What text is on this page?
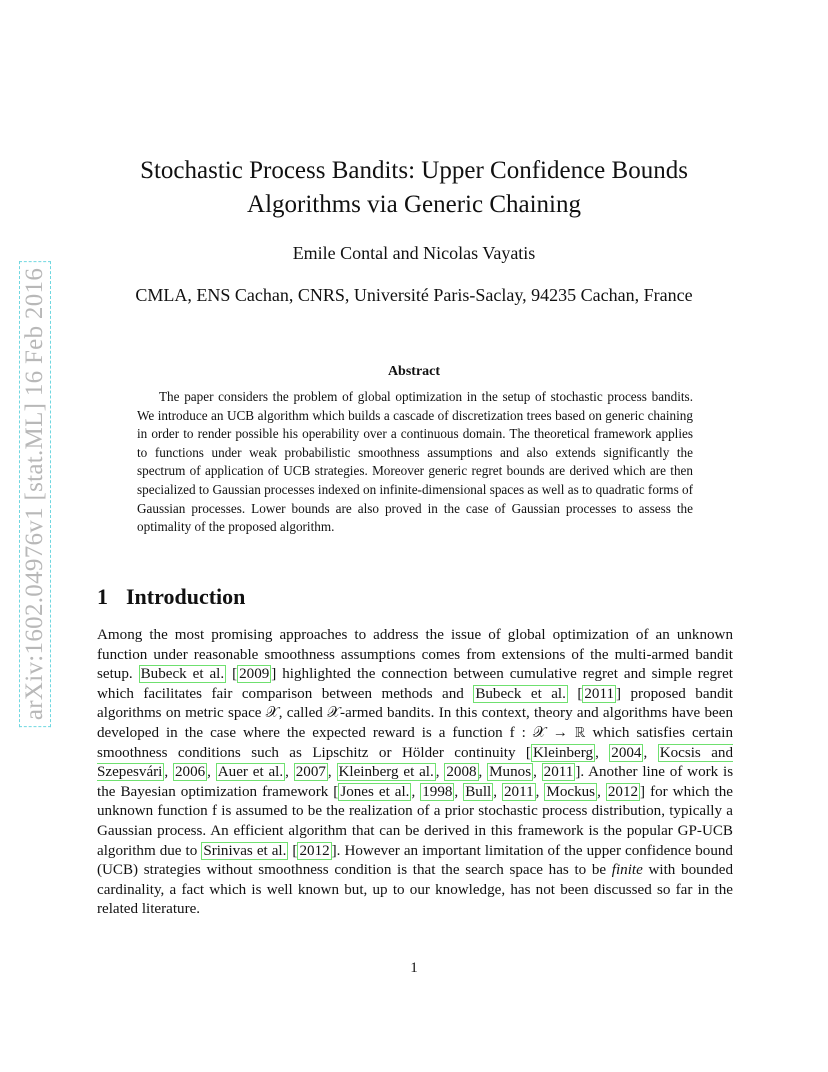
arXiv:1602.04976v1 [stat.ML] 16 Feb 2016
Stochastic Process Bandits: Upper Confidence Bounds
Algorithms via Generic Chaining
Emile Contal and Nicolas Vayatis
CMLA, ENS Cachan, CNRS, Université Paris-Saclay, 94235 Cachan, France
Abstract
The paper considers the problem of global optimization in the setup of stochastic process bandits. We introduce an UCB algorithm which builds a cascade of discretization trees based on generic chaining in order to render possible his operability over a continuous domain. The theoretical framework applies to functions under weak probabilistic smoothness assumptions and also extends significantly the spectrum of application of UCB strategies. Moreover generic regret bounds are derived which are then specialized to Gaussian processes indexed on infinite-dimensional spaces as well as to quadratic forms of Gaussian processes. Lower bounds are also proved in the case of Gaussian processes to assess the optimality of the proposed algorithm.
1 Introduction
Among the most promising approaches to address the issue of global optimization of an unknown function under reasonable smoothness assumptions comes from extensions of the multi-armed bandit setup. Bubeck et al. [ 2009 ] highlighted the connection between cumulative regret and simple regret which facilitates fair comparison between methods and Bubeck et al. [ 2011 ] proposed bandit algorithms on metric space 𝒳, called 𝒳-armed bandits. In this context, theory and algorithms have been developed in the case where the expected reward is a function f : 𝒳 → ℝ which satisfies certain smoothness conditions such as Lipschitz or Hölder continuity [ Kleinberg , 2004 , Kocsis and Szepesvári , 2006 , Auer et al. , 2007 , Kleinberg et al. , 2008 , Munos , 2011 ]. Another line of work is the Bayesian optimization framework [ Jones et al. , 1998 , Bull , 2011 , Mockus , 2012 ] for which the unknown function f is assumed to be the realization of a prior stochastic process distribution, typically a Gaussian process. An efficient algorithm that can be derived in this framework is the popular GP-UCB algorithm due to Srinivas et al. [ 2012 ]. However an important limitation of the upper confidence bound (UCB) strategies without smoothness condition is that the search space has to be finite with bounded cardinality, a fact which is well known but, up to our knowledge, has not been discussed so far in the related literature.
1
